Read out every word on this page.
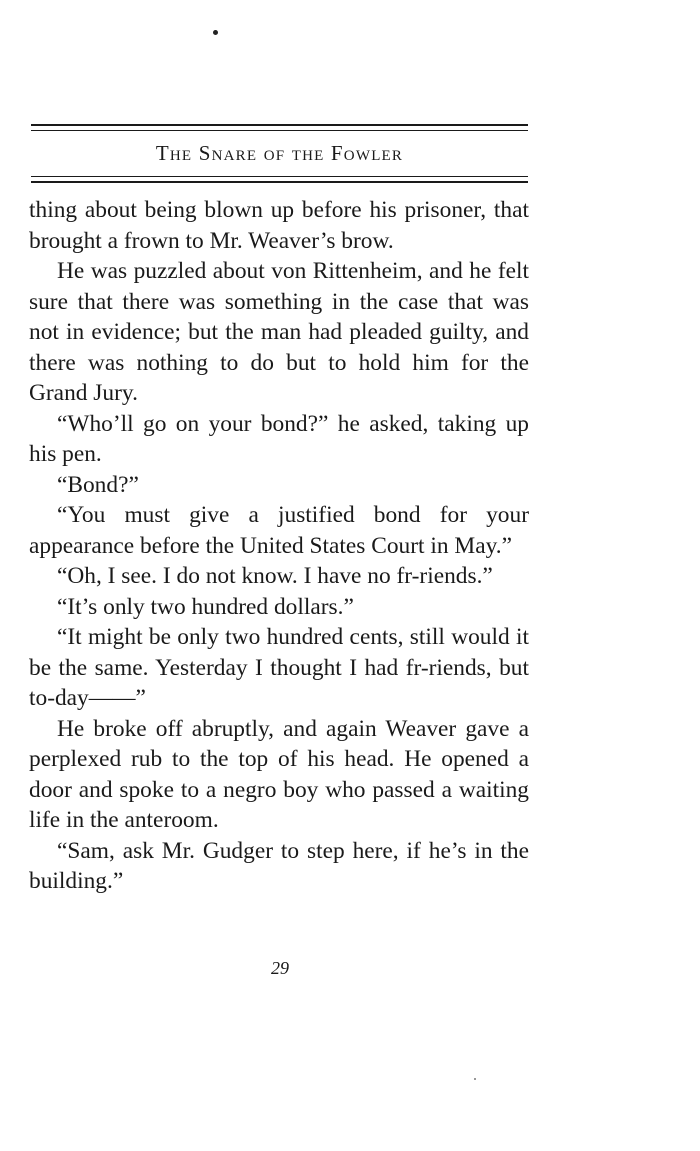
The Snare of the Fowler

thing about being blown up before his prisoner, that brought a frown to Mr. Weaver’s brow.

He was puzzled about von Rittenheim, and he felt sure that there was something in the case that was not in evidence; but the man had pleaded guilty, and there was nothing to do but to hold him for the Grand Jury.

“Who’ll go on your bond?” he asked, taking up his pen.

“Bond?”

“You must give a justified bond for your appearance before the United States Court in May.”

“Oh, I see. I do not know. I have no fr-riends.”

“It’s only two hundred dollars.”

“It might be only two hundred cents, still would it be the same. Yesterday I thought I had fr-riends, but to-day——”

He broke off abruptly, and again Weaver gave a perplexed rub to the top of his head. He opened a door and spoke to a negro boy who passed a waiting life in the anteroom.

“Sam, ask Mr. Gudger to step here, if he’s in the building.”

29
